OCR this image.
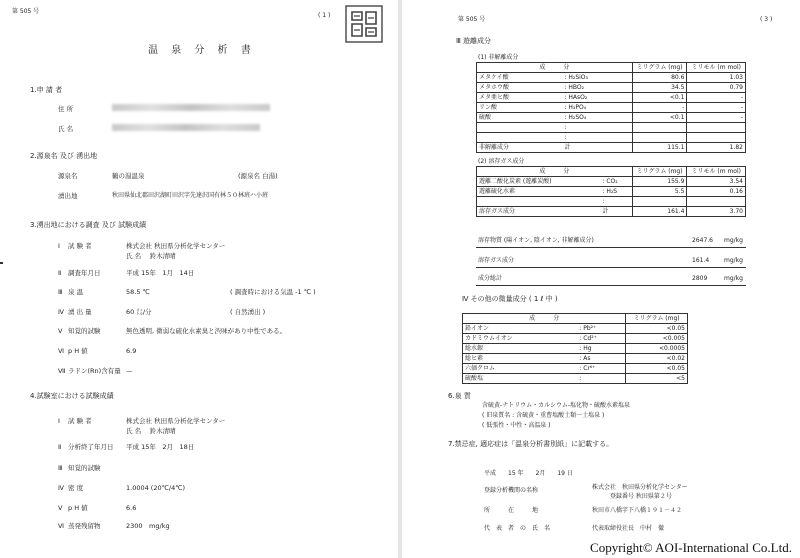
第 505 号
( 1 )
温 泉 分 析 書
1.申 請 者
住 所
氏 名
2.源泉名 及び 湧出地
源泉名	鶴の湯温泉	(源泉名 白湯)
湧出地	秋田県仙北郡田沢湖町田沢字先達沢国有林５０林班ハ小班
3.湧出地における調査 及び 試験成績
Ⅰ 試 験 者	株式会社 秋田県分析化学センター
氏 名　 鈴木清晴
Ⅱ 調査年月日	平成 15年　1月　14日
Ⅲ 泉 温	58.5 ℃	( 調査時における気温 -1 ℃ )
Ⅳ 湧 出 量	60 ㍑/分	( 自然湧出 )
Ⅴ 知覚的試験	無色透明, 微弱な硫化水素臭と渋味があり中性である。
Ⅵ p H 値	6.9
Ⅶ ラドン(Rn)含有量 —
4.試験室における試験成績
Ⅰ 試 験 者	株式会社 秋田県分析化学センター
氏 名　 鈴木清晴
Ⅱ 分析終了年月日 平成 15年　2月　18日
Ⅲ 知覚的試験
Ⅳ 密 度	1.0004 (20℃/4℃)
Ⅴ p H 値	6.6
Ⅵ 蒸発残留物	2300　mg/kg
第 505 号	( 3 )
Ⅲ 遊離成分
(1) 非解離成分
成　　　分		ミリグラム (mg)	ミリモル (m mol)
メタケイ酸	: H₂SiO₃	80.6	1.03
メタホウ酸	: HBO₂	34.5	0.79
メタ亜ヒ酸	: HAsO₂	<0.1	-
リン酸	: H₃PO₄	-	-
硫酸	: H₂SO₄	<0.1	-
	:		
	:		
非解離成分	計	115.1	1.82
(2) 溶存ガス成分
成　　　分		ミリグラム (mg)	ミリモル (m mol)
遊離二酸化炭素 (遊離炭酸)	: CO₂	155.9	3.54
遊離硫化水素	: H₂S	5.5	0.16
	:		
溶存ガス成分	計	161.4	3.70
溶存物質 (陽イオン, 陰イオン, 非解離成分)	2647.6 mg/kg
溶存ガス成分	161.4 mg/kg
成分総計	2809	mg/kg
Ⅳ その他の微量成分 ( 1 ℓ 中 )
成　　　分		ミリグラム (mg)
鉛イオン	: Pb²⁺	<0.05
カドミウムイオン	: Cd²⁺	<0.005
総水銀	: Hg	<0.0005
総ヒ素	: As	<0.02
六価クロム	: Cr⁶⁺	<0.05
硫酸塩	:	<5
6.泉 質
含硫黄-ナトリウム・カルシウム-塩化物・硫酸水素塩泉
( 旧泉質名 : 含硫黄・重曹塩酸土類一土塩泉 )
( 低張性・中性・高温泉 )
7.禁忌症, 適応症は「温泉分析書別紙」に記載する。
平成　　15 年　　2月　　19 日
登録分析機関の名称	株式会社　秋田県分析化学センター
登録番号 秋田県第２号
所　　　在　　　地	秋田市八橋字下八橋１９１－４２
代　表　者　の　氏　名	代表取締役社長　中村　徹
Copyright© AOI-International Co.Ltd.
